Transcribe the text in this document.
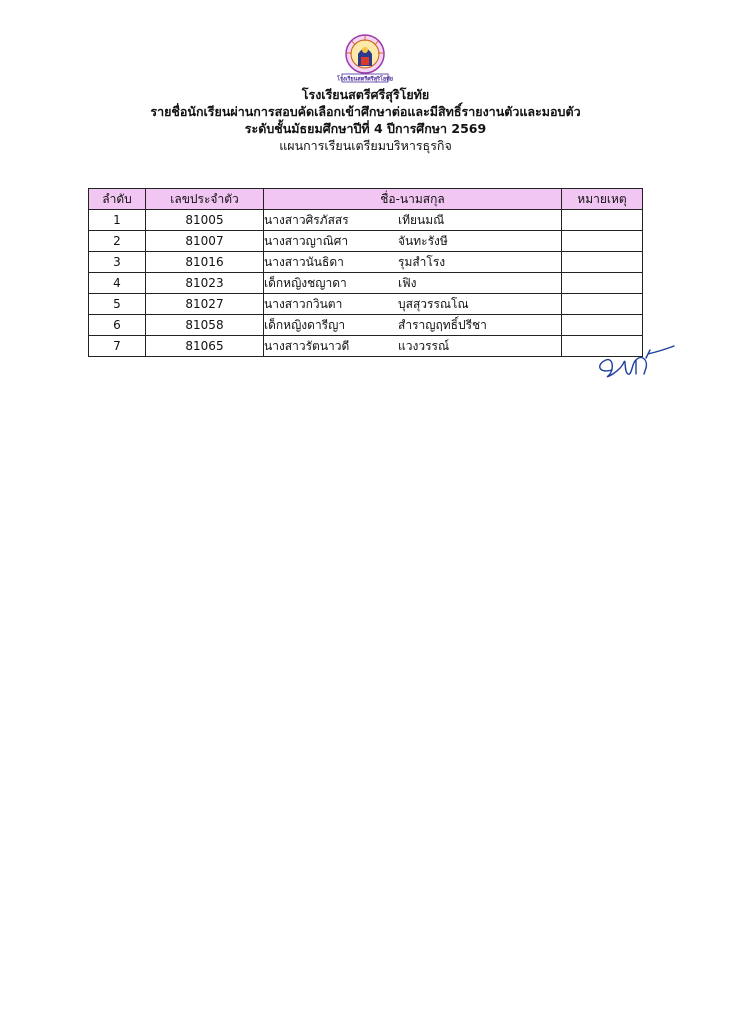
โรงเรียนสตรีศรีสุริโยทัย
โรงเรียนสตรีศรีสุริโยทัย
รายชื่อนักเรียนผ่านการสอบคัดเลือกเข้าศึกษาต่อและมีสิทธิ์รายงานตัวและมอบตัว
ระดับชั้นมัธยมศึกษาปีที่ 4 ปีการศึกษา 2569
แผนการเรียนเตรียมบริหารธุรกิจ
ลำดับ	เลขประจำตัว	ชื่อ-นามสกุล	หมายเหตุ
1	81005	นางสาวศิรภัสสร เทียนมณี	
2	81007	นางสาวญาณิศา จันทะรังษี	
3	81016	นางสาวนันธิดา รุมสำโรง	
4	81023	เด็กหญิงชญาดา เฟิง	
5	81027	นางสาวกวินตา บุสสุวรรณโณ	
6	81058	เด็กหญิงดารีญา สำราญฤทธิ์ปรีชา	
7	81065	นางสาวรัตนาวดี แวงวรรณ์	
